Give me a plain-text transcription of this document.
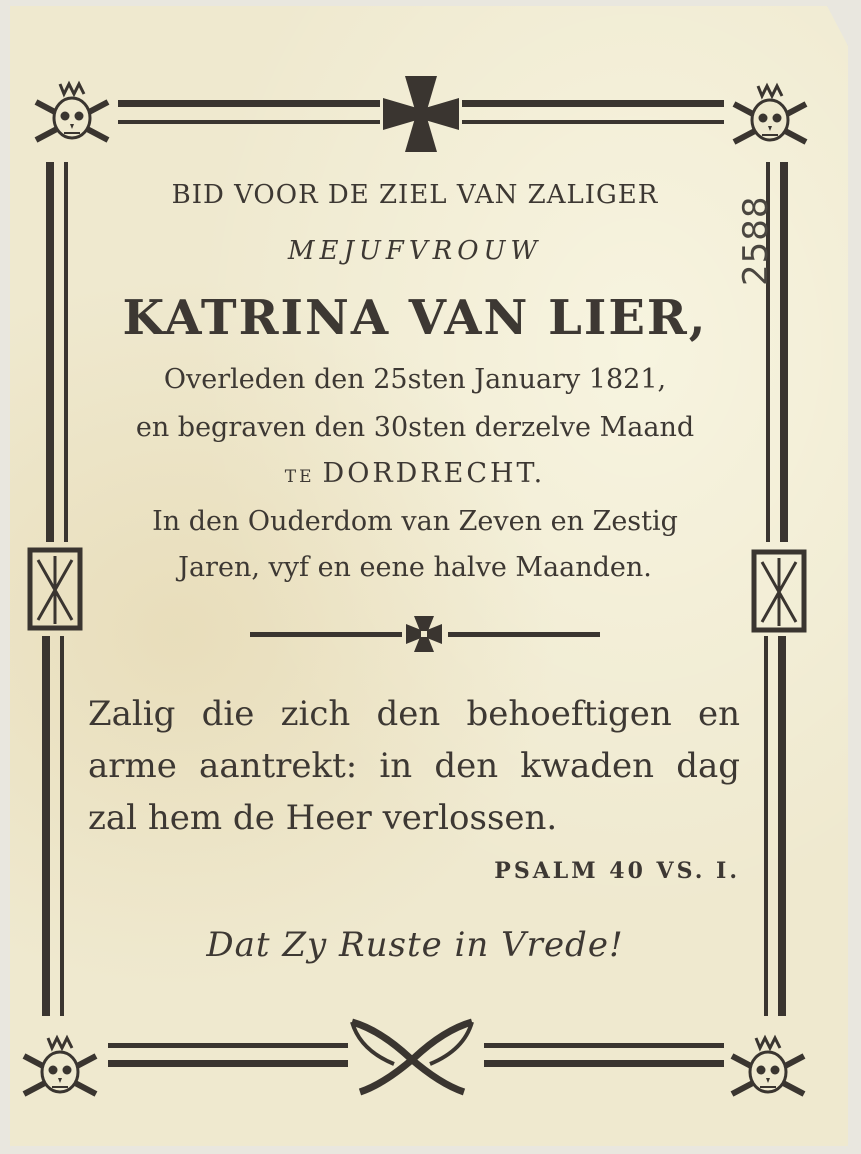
BID VOOR DE ZIEL VAN ZALIGER
MEJUFVROUW
KATRINA VAN LIER,
Overleden den 25sten January 1821,
en begraven den 30sten derzelve Maand
TE DORDRECHT.
In den Ouderdom van Zeven en Zestig
Jaren, vyf en eene halve Maanden.
Zalig die zich den behoeftigen en arme aantrekt: in den kwaden dag zal hem de Heer verlossen.
PSALM 40 VS. I.
Dat Zy Ruste in Vrede!
2588
